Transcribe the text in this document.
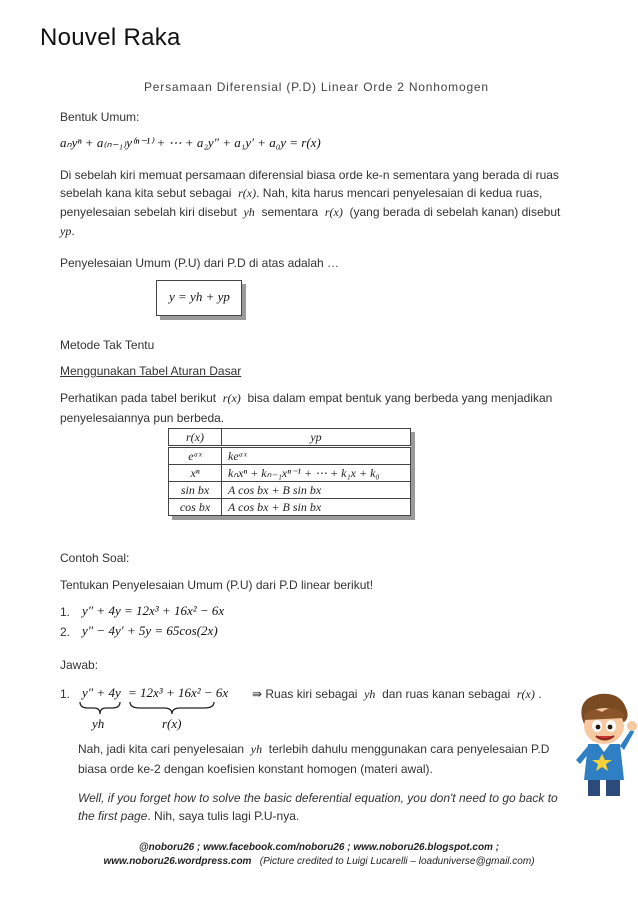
Nouvel Raka
Persamaan Diferensial (P.D) Linear Orde 2 Nonhomogen
Bentuk Umum:
aₙyⁿ + a₍ₙ₋₁₎y⁽ⁿ⁻¹⁾ + ⋯ + a₂y″ + a₁y′ + a₀y = r(x)
Di sebelah kiri memuat persamaan diferensial biasa orde ke-n sementara yang berada di ruas
sebelah kana kita sebut sebagai r(x). Nah, kita harus mencari penyelesaian di kedua ruas,
penyelesaian sebelah kiri disebut yh sementara r(x) (yang berada di sebelah kanan) disebut
yp.
Penyelesaian Umum (P.U) dari P.D di atas adalah …
y = yh + yp
Metode Tak Tentu
Menggunakan Tabel Aturan Dasar
Perhatikan pada tabel berikut r(x) bisa dalam empat bentuk yang berbeda yang menjadikan
penyelesaiannya pun berbeda.
r(x)	yp
eᵃˣ	keᵃˣ
xⁿ	kₙxⁿ + kₙ₋₁xⁿ⁻¹ + ⋯ + k₁x + k₀
sin bx	A cos bx + B sin bx
cos bx	A cos bx + B sin bx
Contoh Soal:
Tentukan Penyelesaian Umum (P.U) dari P.D linear berikut!
1. y″ + 4y = 12x³ + 16x² − 6x
2. y″ − 4y′ + 5y = 65cos(2x)
Jawab:
1. y″ + 4y = 12x³ + 16x² − 6x ⇛ Ruas kiri sebagai yh dan ruas kanan sebagai r(x) .
yh	r(x)
Nah, jadi kita cari penyelesaian yh terlebih dahulu menggunakan cara penyelesaian P.D
biasa orde ke-2 dengan koefisien konstant homogen (materi awal).
Well, if you forget how to solve the basic deferential equation, you don't need to go back to
the first page. Nih, saya tulis lagi P.U-nya.
@noboru26 ; www.facebook.com/noboru26 ; www.noboru26.blogspot.com ;
www.noboru26.wordpress.com (Picture credited to Luigi Lucarelli – loaduniverse@gmail.com)
